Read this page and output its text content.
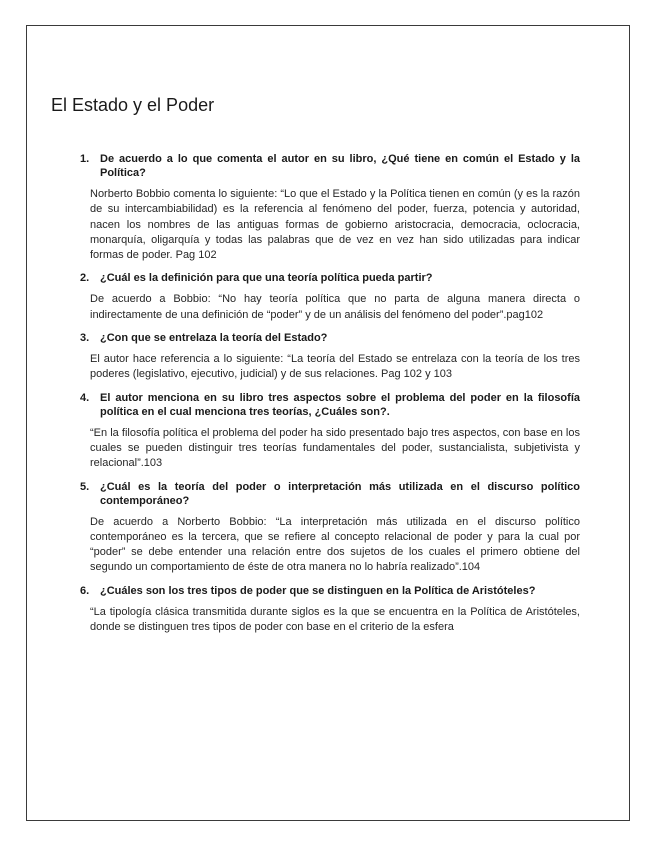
El Estado y el Poder
1. De acuerdo a lo que comenta el autor en su libro, ¿Qué tiene en común el Estado y la Política?

Norberto Bobbio comenta lo siguiente: “Lo que el Estado y la Política tienen en común (y es la razón de su intercambiabilidad) es la referencia al fenómeno del poder, fuerza, potencia y autoridad, nacen los nombres de las antiguas formas de gobierno aristocracia, democracia, oclocracia, monarquía, oligarquía y todas las palabras que de vez en vez han sido utilizadas para indicar formas de poder. Pag 102

2. ¿Cuál es la definición para que una teoría política pueda partir?

De acuerdo a Bobbio: “No hay teoría política que no parta de alguna manera directa o indirectamente de una definición de “poder” y de un análisis del fenómeno del poder”.pag102

3. ¿Con que se entrelaza la teoría del Estado?

El autor hace referencia a lo siguiente: “La teoría del Estado se entrelaza con la teoría de los tres poderes (legislativo, ejecutivo, judicial) y de sus relaciones. Pag 102 y 103

4. El autor menciona en su libro tres aspectos sobre el problema del poder en la filosofía política en el cual menciona tres teorías, ¿Cuáles son?.

“En la filosofía política el problema del poder ha sido presentado bajo tres aspectos, con base en los cuales se pueden distinguir tres teorías fundamentales del poder, sustancialista, subjetivista y relacional”.103

5. ¿Cuál es la teoría del poder o interpretación más utilizada en el discurso político contemporáneo?

De acuerdo a Norberto Bobbio: “La interpretación más utilizada en el discurso político contemporáneo es la tercera, que se refiere al concepto relacional de poder y para la cual por “poder” se debe entender una relación entre dos sujetos de los cuales el primero obtiene del segundo un comportamiento de éste de otra manera no lo habría realizado”.104

6. ¿Cuáles son los tres tipos de poder que se distinguen en la Política de Aristóteles?

“La tipología clásica transmitida durante siglos es la que se encuentra en la Política de Aristóteles, donde se distinguen tres tipos de poder con base en el criterio de la esfera
